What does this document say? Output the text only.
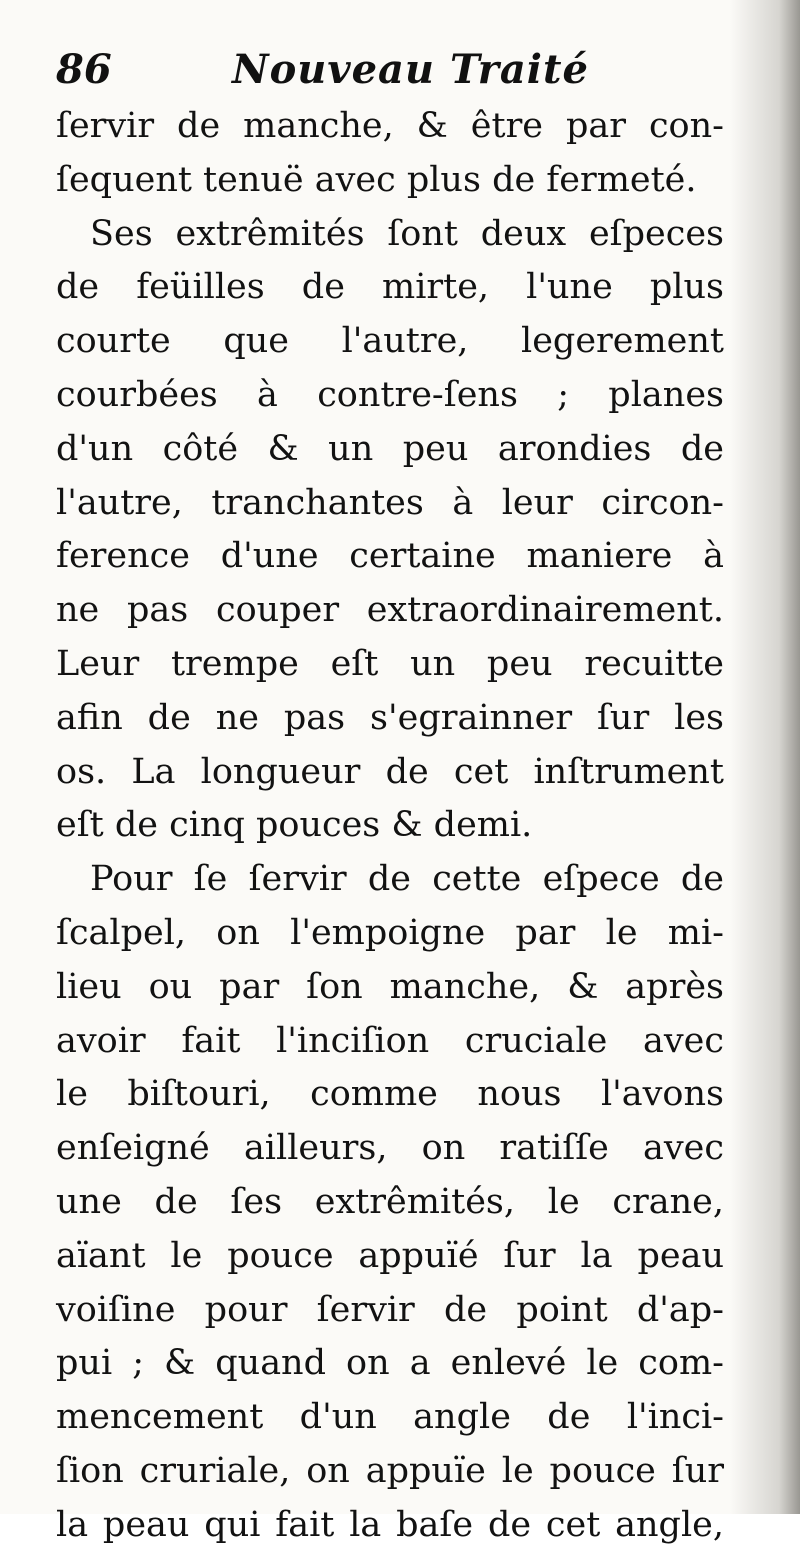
86	Nouveau Traité
ſervir de manche, & être par con-
ſequent tenuë avec plus de fermeté.
Ses extrêmités ſont deux eſpeces
de feüilles de mirte, l'une plus
courte que l'autre, legerement
courbées à contre-ſens ; planes
d'un côté & un peu arondies de
l'autre, tranchantes à leur circon-
ference d'une certaine maniere à
ne pas couper extraordinairement.
Leur trempe eſt un peu recuitte
afin de ne pas s'egrainner ſur les
os. La longueur de cet inſtrument
eſt de cinq pouces & demi.
Pour ſe ſervir de cette eſpece de
ſcalpel, on l'empoigne par le mi-
lieu ou par ſon manche, & après
avoir fait l'inciſion cruciale avec
le biſtouri, comme nous l'avons
enſeigné ailleurs, on ratiſſe avec
une de ſes extrêmités, le crane,
aïant le pouce appuïé ſur la peau
voiſine pour ſervir de point d'ap-
pui ; & quand on a enlevé le com-
mencement d'un angle de l'inci-
ſion cruriale, on appuïe le pouce ſur
la peau qui fait la baſe de cet angle,
